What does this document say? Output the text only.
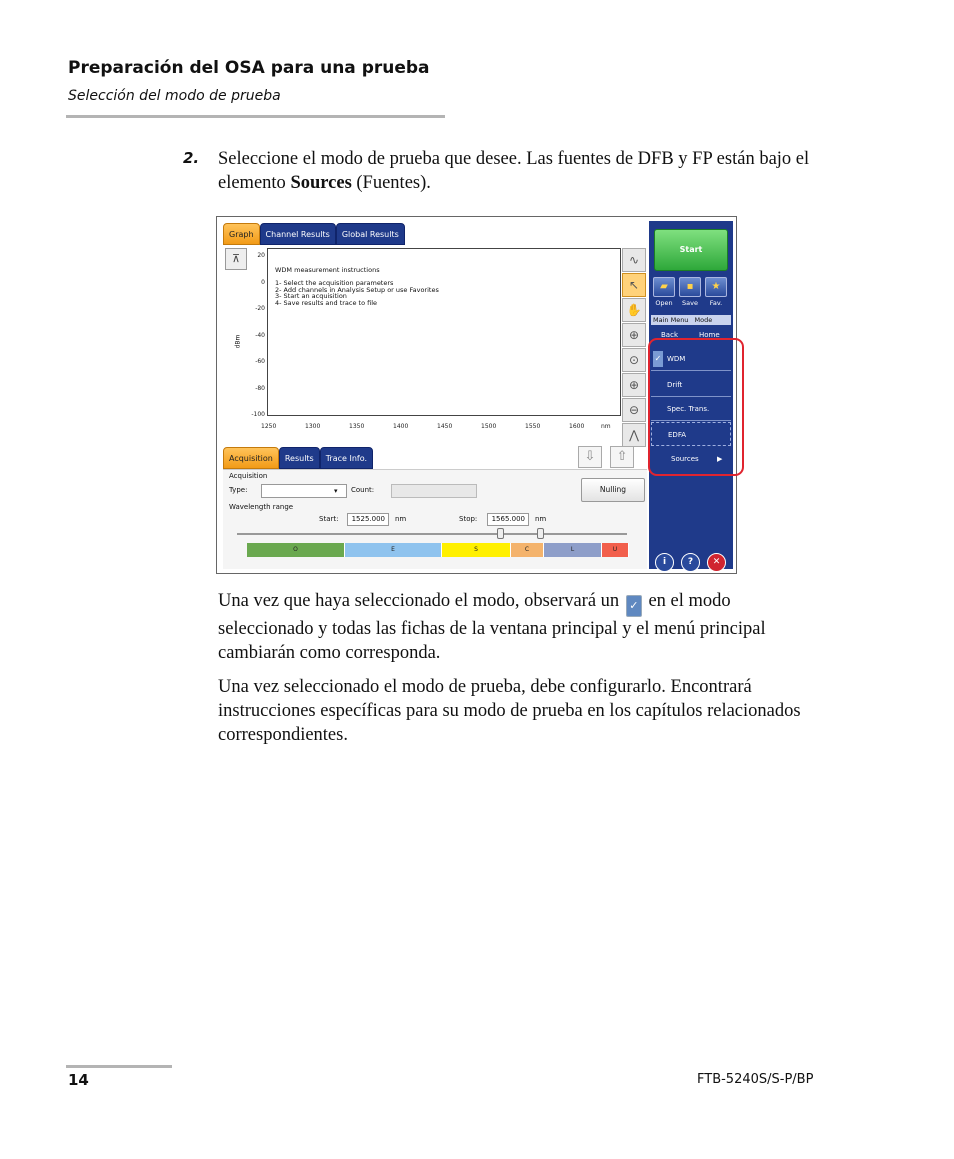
Preparación del OSA para una prueba
Selección del modo de prueba
2. Seleccione el modo de prueba que desee. Las fuentes de DFB y FP están bajo el elemento Sources (Fuentes).
Graph	Channel Results	Global Results
⊼
dBm
20
0
-20
-40
-60
-80
-100
WDM measurement instructions
1- Select the acquisition parameters
2- Add channels in Analysis Setup or use Favorites
3- Start an acquisition
4- Save results and trace to file
1250	1300	1350	1400	1450	1500	1550	1600	nm
∿
↖
✋
⊕
⊙
⊕
⊖
⋀
Acquisition	Results	Trace Info.	⇩ ⇧
Acquisition
Type:	▾	Count:	Nulling
Wavelength range
Start:	1525.000	nm	Stop:	1565.000	nm
O	E	S	C	L	U
Start
▰	▪	★
Open	Save	Fav.
Main Menu Mode
Back	Home
✓ WDM
Drift
Spec. Trans.
EDFA
Sources	▶
i	?	✕
Una vez que haya seleccionado el modo, observará un ✓ en el modo seleccionado y todas las fichas de la ventana principal y el menú principal cambiarán como corresponda.
Una vez seleccionado el modo de prueba, debe configurarlo. Encontrará instrucciones específicas para su modo de prueba en los capítulos relacionados correspondientes.
14	FTB-5240S/S-P/BP
